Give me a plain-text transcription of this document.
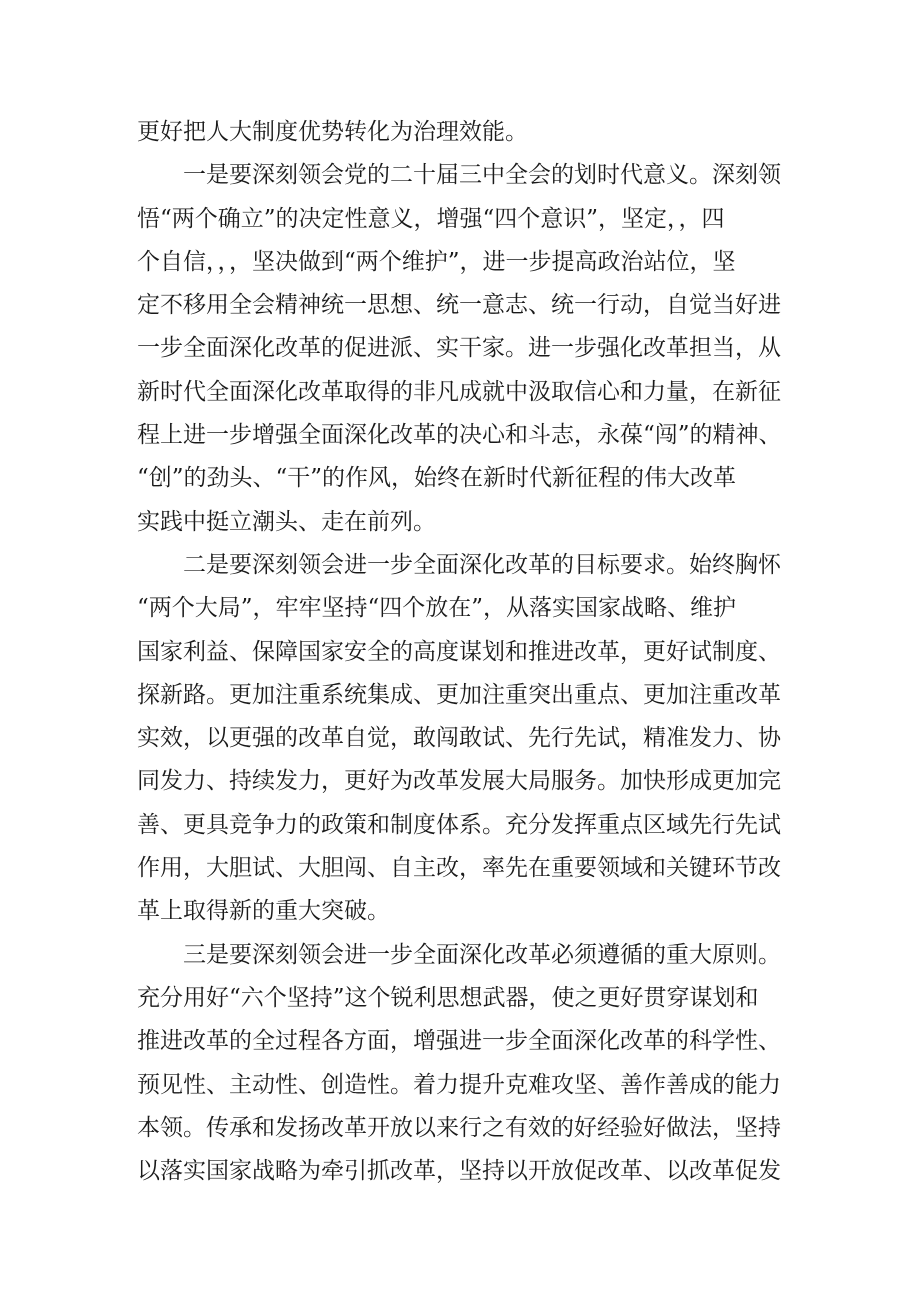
更好把人大制度优势转化为治理效能。
一是要深刻领会党的二十届三中全会的划时代意义。深刻领
悟“两个确立”的决定性意义，增强“四个意识”，坚定，，四
个自信，，，坚决做到“两个维护”，进一步提高政治站位，坚
定不移用全会精神统一思想、统一意志、统一行动，自觉当好进
一步全面深化改革的促进派、实干家。进一步强化改革担当，从
新时代全面深化改革取得的非凡成就中汲取信心和力量，在新征
程上进一步增强全面深化改革的决心和斗志，永葆“闯”的精神、
“创”的劲头、“干”的作风，始终在新时代新征程的伟大改革
实践中挺立潮头、走在前列。
二是要深刻领会进一步全面深化改革的目标要求。始终胸怀
“两个大局”，牢牢坚持“四个放在”，从落实国家战略、维护
国家利益、保障国家安全的高度谋划和推进改革，更好试制度、
探新路。更加注重系统集成、更加注重突出重点、更加注重改革
实效，以更强的改革自觉，敢闯敢试、先行先试，精准发力、协
同发力、持续发力，更好为改革发展大局服务。加快形成更加完
善、更具竞争力的政策和制度体系。充分发挥重点区域先行先试
作用，大胆试、大胆闯、自主改，率先在重要领域和关键环节改
革上取得新的重大突破。
三是要深刻领会进一步全面深化改革必须遵循的重大原则。
充分用好“六个坚持”这个锐利思想武器，使之更好贯穿谋划和
推进改革的全过程各方面，增强进一步全面深化改革的科学性、
预见性、主动性、创造性。着力提升克难攻坚、善作善成的能力
本领。传承和发扬改革开放以来行之有效的好经验好做法，坚持
以落实国家战略为牵引抓改革，坚持以开放促改革、以改革促发
